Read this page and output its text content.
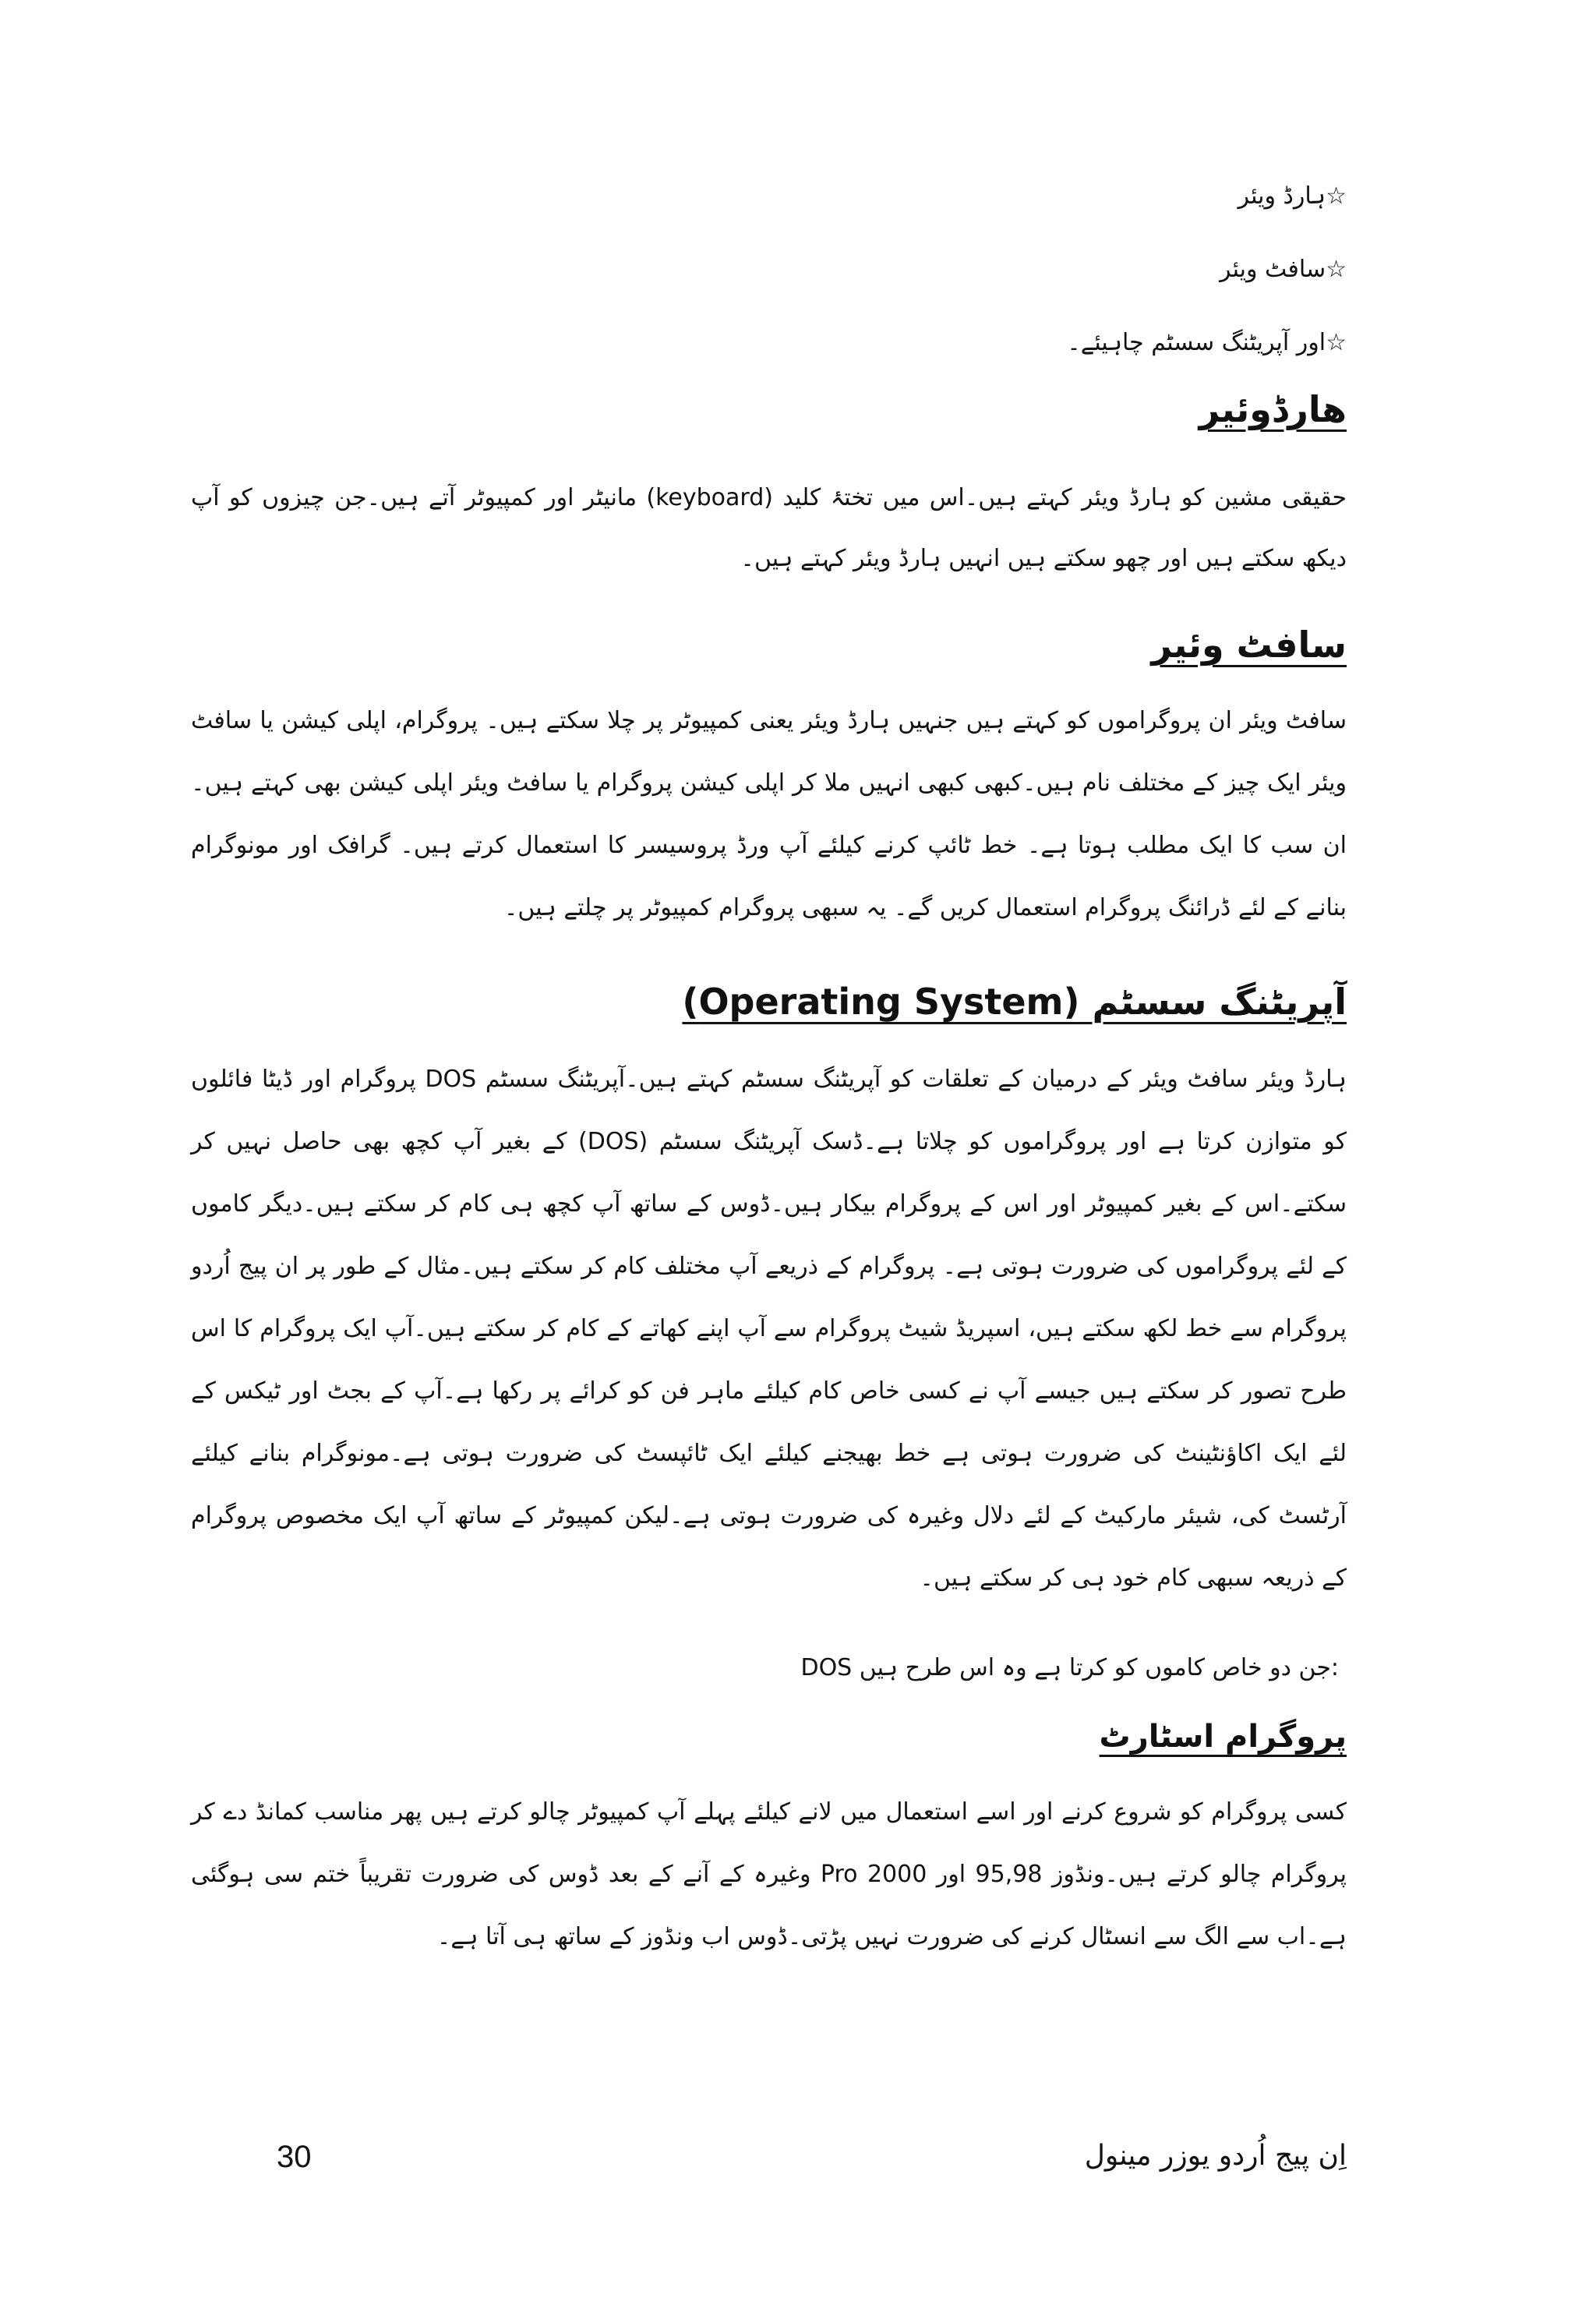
☆ہارڈ ویئر
☆سافٹ ویئر
☆اور آپریٹنگ سسٹم چاہیئے۔
ھارڈوئیر
حقیقی مشین کو ہارڈ ویئر کہتے ہیں۔اس میں تختۂ کلید (keyboard) مانیٹر اور کمپیوٹر آتے ہیں۔جن چیزوں کو آپ دیکھ سکتے ہیں اور چھو سکتے ہیں انہیں ہارڈ ویئر کہتے ہیں۔
سافٹ وئیر
سافٹ ویئر ان پروگراموں کو کہتے ہیں جنہیں ہارڈ ویئر یعنی کمپیوٹر پر چلا سکتے ہیں۔ پروگرام، اپلی کیشن یا سافٹ ویئر ایک چیز کے مختلف نام ہیں۔کبھی کبھی انہیں ملا کر اپلی کیشن پروگرام یا سافٹ ویئر اپلی کیشن بھی کہتے ہیں۔ان سب کا ایک مطلب ہوتا ہے۔ خط ٹائپ کرنے کیلئے آپ ورڈ پروسیسر کا استعمال کرتے ہیں۔ گرافک اور مونوگرام بنانے کے لئے ڈرائنگ پروگرام استعمال کریں گے۔ یہ سبھی پروگرام کمپیوٹر پر چلتے ہیں۔
آپریٹنگ سسٹم (Operating System)
ہارڈ ویئر سافٹ ویئر کے درمیان کے تعلقات کو آپریٹنگ سسٹم کہتے ہیں۔آپریٹنگ سسٹم DOS پروگرام اور ڈیٹا فائلوں کو متوازن کرتا ہے اور پروگراموں کو چلاتا ہے۔ڈسک آپریٹنگ سسٹم (DOS) کے بغیر آپ کچھ بھی حاصل نہیں کر سکتے۔اس کے بغیر کمپیوٹر اور اس کے پروگرام بیکار ہیں۔ڈوس کے ساتھ آپ کچھ ہی کام کر سکتے ہیں۔دیگر کاموں کے لئے پروگراموں کی ضرورت ہوتی ہے۔ پروگرام کے ذریعے آپ مختلف کام کر سکتے ہیں۔مثال کے طور پر ان پیج اُردو پروگرام سے خط لکھ سکتے ہیں، اسپریڈ شیٹ پروگرام سے آپ اپنے کھاتے کے کام کر سکتے ہیں۔آپ ایک پروگرام کا اس طرح تصور کر سکتے ہیں جیسے آپ نے کسی خاص کام کیلئے ماہر فن کو کرائے پر رکھا ہے۔آپ کے بجٹ اور ٹیکس کے لئے ایک اکاؤنٹینٹ کی ضرورت ہوتی ہے خط بھیجنے کیلئے ایک ٹائپسٹ کی ضرورت ہوتی ہے۔مونوگرام بنانے کیلئے آرٹسٹ کی، شیئر مارکیٹ کے لئے دلال وغیرہ کی ضرورت ہوتی ہے۔لیکن کمپیوٹر کے ساتھ آپ ایک مخصوص پروگرام کے ذریعہ سبھی کام خود ہی کر سکتے ہیں۔
DOS جن دو خاص کاموں کو کرتا ہے وہ اس طرح ہیں:
پروگرام اسٹارٹ
کسی پروگرام کو شروع کرنے اور اسے استعمال میں لانے کیلئے پہلے آپ کمپیوٹر چالو کرتے ہیں پھر مناسب کمانڈ دے کر پروگرام چالو کرتے ہیں۔ونڈوز 95,98 اور Pro 2000 وغیرہ کے آنے کے بعد ڈوس کی ضرورت تقریباً ختم سی ہوگئی ہے۔اب سے الگ سے انسٹال کرنے کی ضرورت نہیں پڑتی۔ڈوس اب ونڈوز کے ساتھ ہی آتا ہے۔
30	اِن پیج اُردو یوزر مینول
